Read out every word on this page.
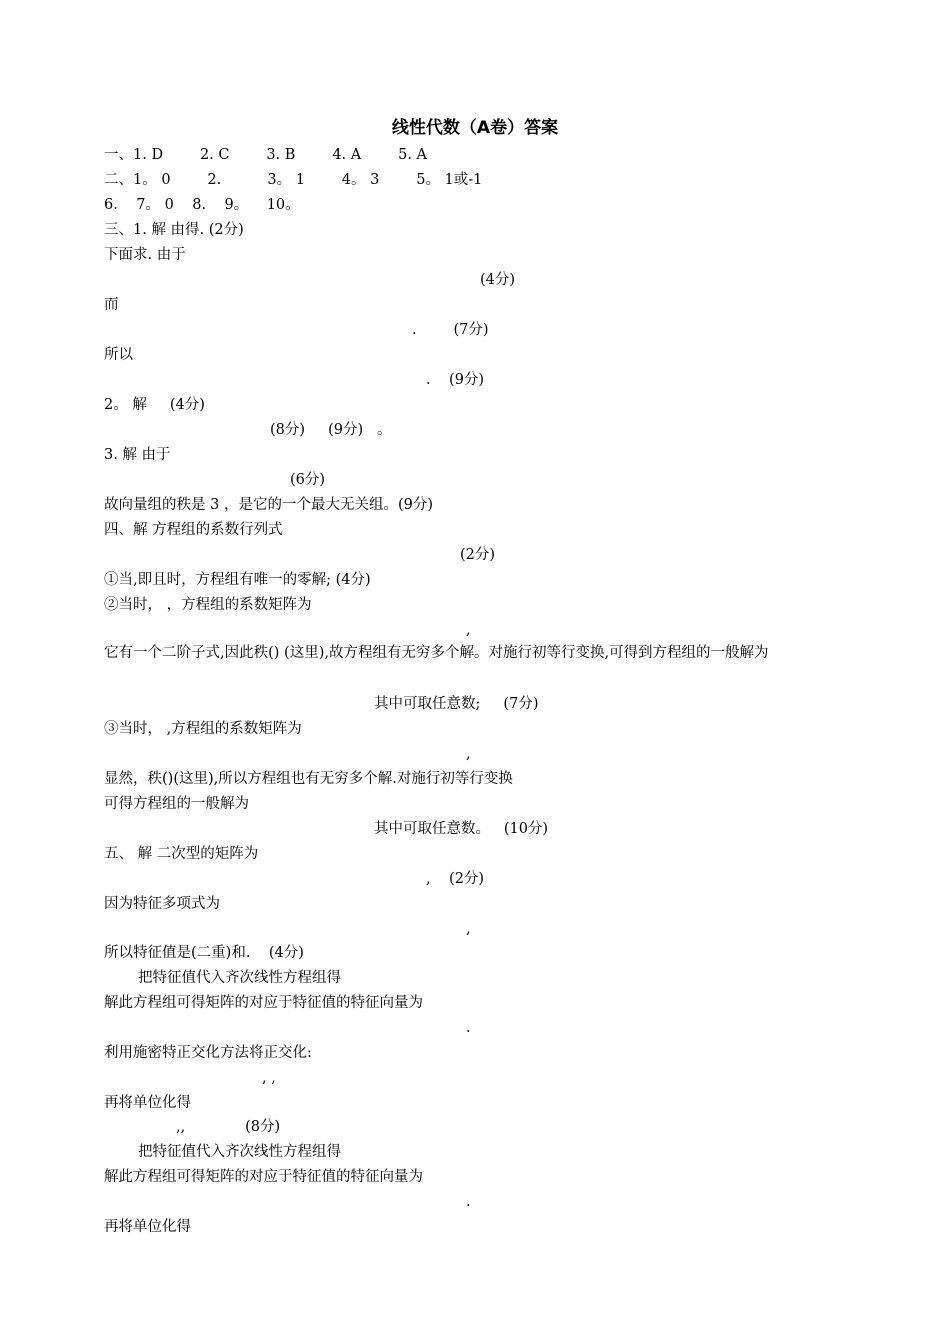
线性代数（A卷）答案
一、1. D        2. C        3. B        4. A        5. A
二、1。 0        2.          3。 1        4。 3        5。 1或-1
6.    7。 0    8.    9。    10。
三、1. 解 由得. (2分)
下面求. 由于
(4分)
而
.        (7分)
所以
.    (9分)
2。 解     (4分)
(8分)     (9分)   。
3. 解 由于
(6分)
故向量组的秩是 3 ，是它的一个最大无关组。(9分)
四、解 方程组的系数行列式
(2分)
①当,即且时，方程组有唯一的零解; (4分)
②当时， ，方程组的系数矩阵为
,
它有一个二阶子式,因此秩() (这里),故方程组有无穷多个解。对施行初等行变换,可得到方程组的一般解为
其中可取任意数;     (7分)
③当时， ,方程组的系数矩阵为
,
显然，秩()(这里),所以方程组也有无穷多个解.对施行初等行变换
可得方程组的一般解为
其中可取任意数。   (10分)
五、 解 二次型的矩阵为
,    (2分)
因为特征多项式为
,
所以特征值是(二重)和.    (4分)
把特征值代入齐次线性方程组得
解此方程组可得矩阵的对应于特征值的特征向量为
.
利用施密特正交化方法将正交化:
, ,
再将单位化得
,,             (8分)
把特征值代入齐次线性方程组得
解此方程组可得矩阵的对应于特征值的特征向量为
.
再将单位化得
